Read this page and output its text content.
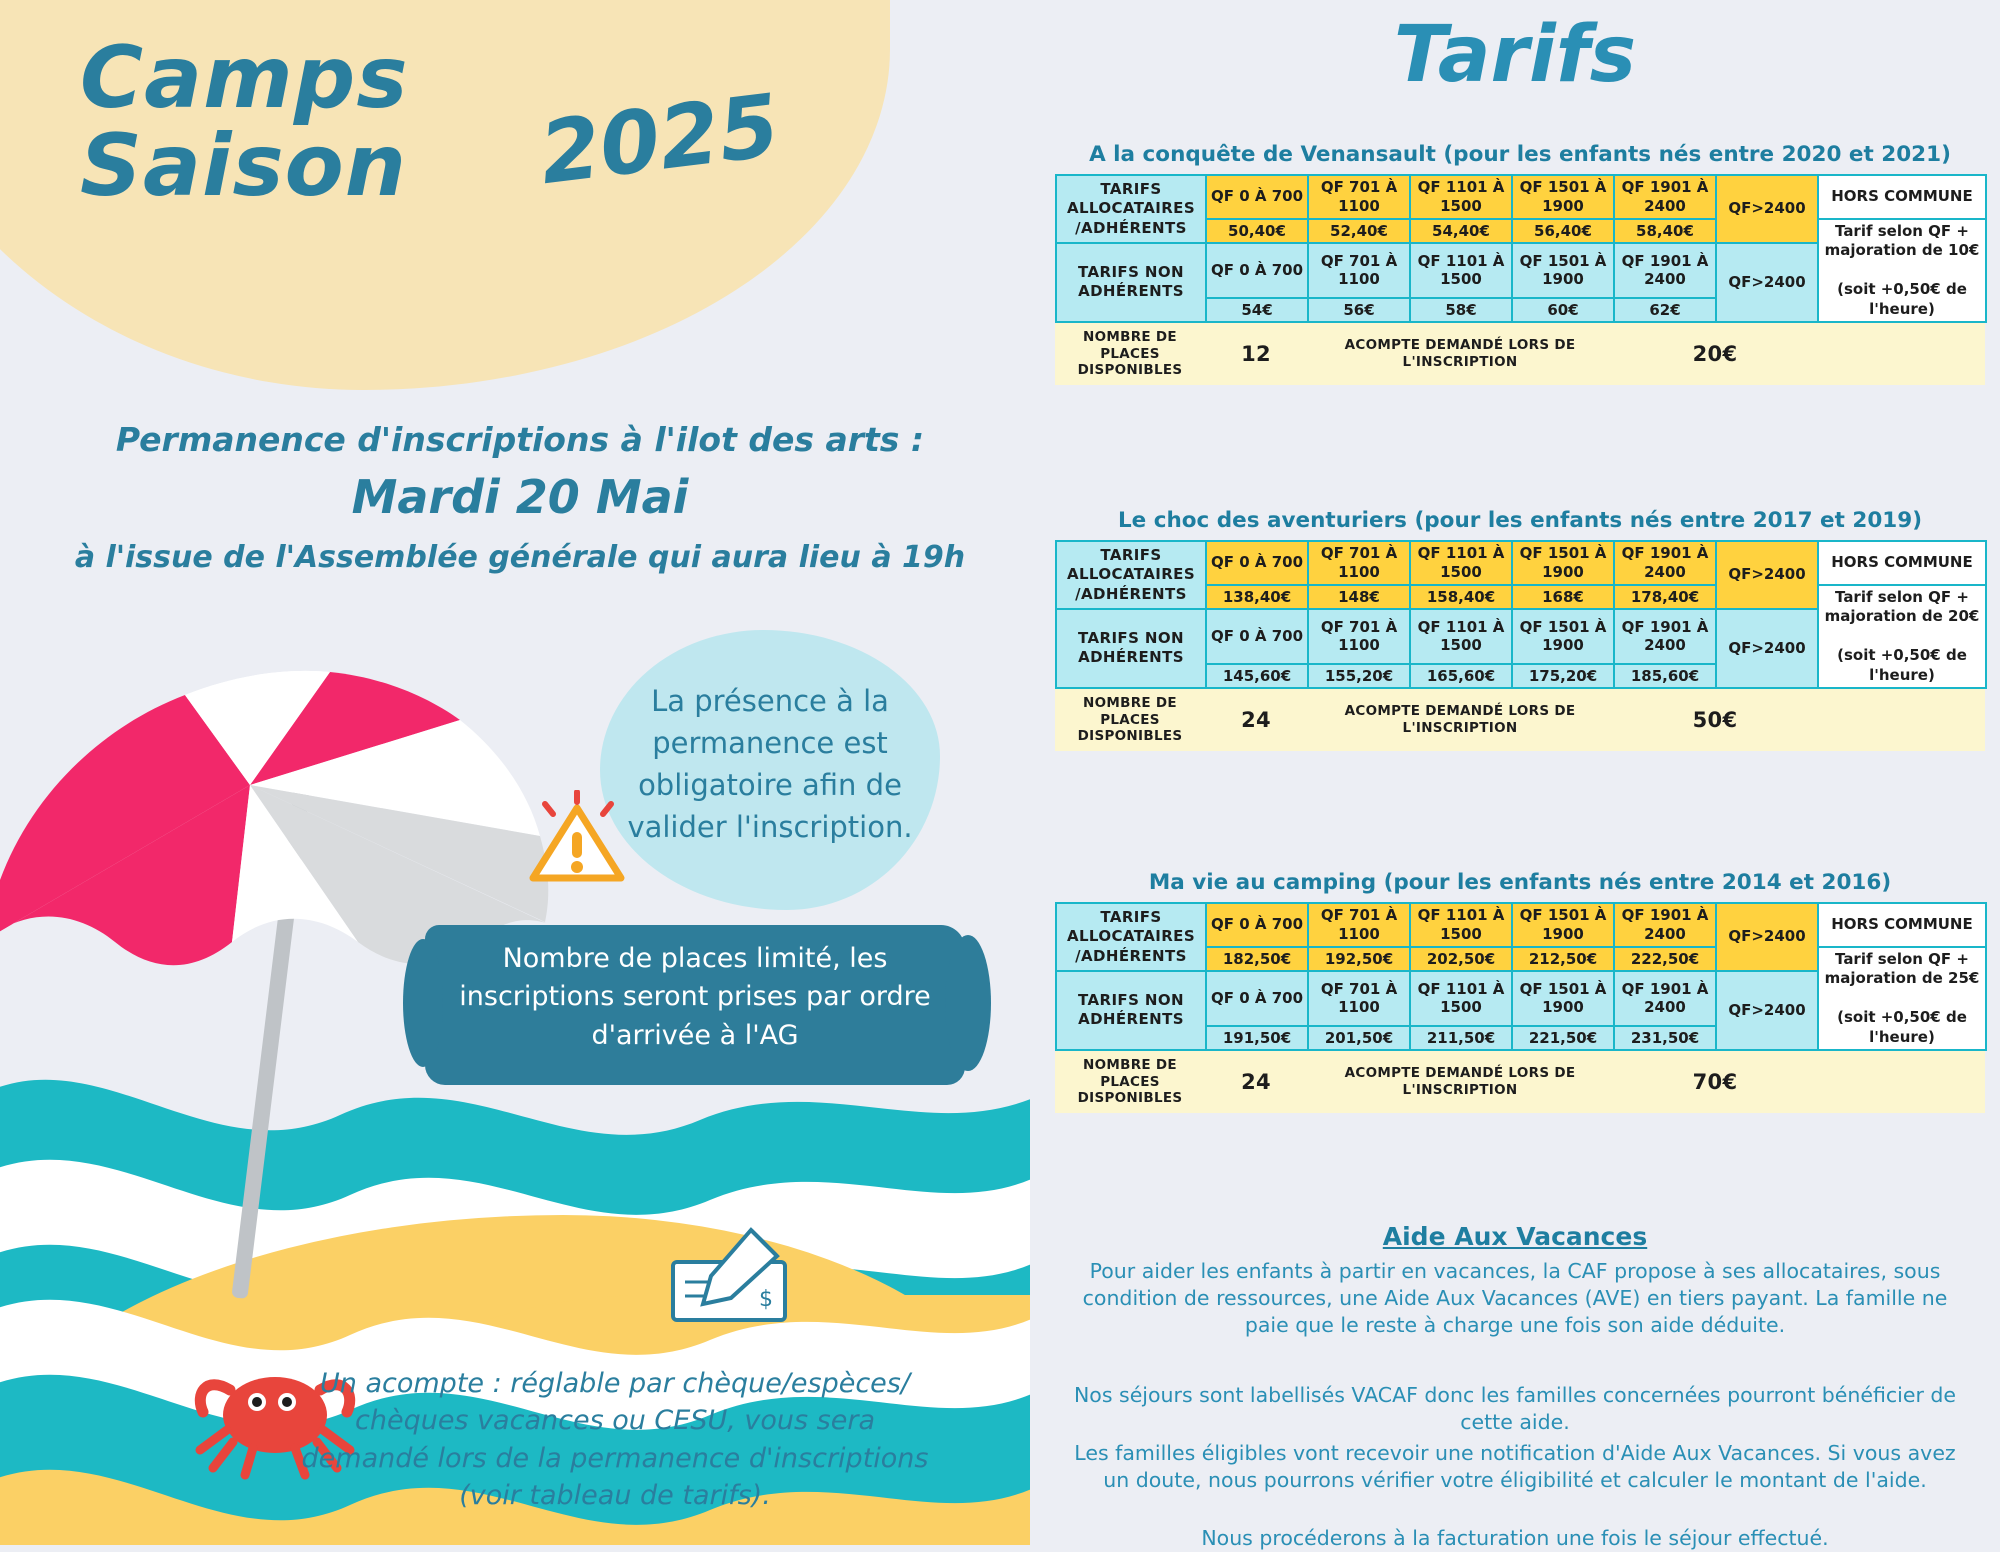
$
Camps
Saison	2025
Permanence d'inscriptions à l'ilot des arts :
Mardi 20 Mai
à l'issue de l'Assemblée générale qui aura lieu à 19h
La présence à la permanence est obligatoire afin de valider l'inscription.
Nombre de places limité, les inscriptions seront prises par ordre d'arrivée à l'AG
Un acompte : réglable par chèque/espèces/ chèques vacances ou CESU, vous sera demandé lors de la permanence d'inscriptions (voir tableau de tarifs).
Tarifs
A la conquête de Venansault (pour les enfants nés entre 2020 et 2021)
TARIFS ALLOCATAIRES /ADHÉRENTS	QF 0 À 700	QF 701 À 1100	QF 1101 À 1500	QF 1501 À 1900	QF 1901 À 2400	QF>2400	HORS COMMUNE
	50,40€	52,40€	54,40€	56,40€	58,40€		Tarif selon QF + majoration de 10€

(soit +0,50€ de l'heure)
TARIFS NON ADHÉRENTS	QF 0 À 700	QF 701 À 1100	QF 1101 À 1500	QF 1501 À 1900	QF 1901 À 2400	QF>2400	
	54€	56€	58€	60€	62€		
NOMBRE DE PLACES DISPONIBLES	12	ACOMPTE DEMANDÉ LORS DE L'INSCRIPTION	20€	
Le choc des aventuriers (pour les enfants nés entre 2017 et 2019)
TARIFS ALLOCATAIRES /ADHÉRENTS	QF 0 À 700	QF 701 À 1100	QF 1101 À 1500	QF 1501 À 1900	QF 1901 À 2400	QF>2400	HORS COMMUNE
	138,40€	148€	158,40€	168€	178,40€		Tarif selon QF + majoration de 20€

(soit +0,50€ de l'heure)
TARIFS NON ADHÉRENTS	QF 0 À 700	QF 701 À 1100	QF 1101 À 1500	QF 1501 À 1900	QF 1901 À 2400	QF>2400	
	145,60€	155,20€	165,60€	175,20€	185,60€		
NOMBRE DE PLACES DISPONIBLES	24	ACOMPTE DEMANDÉ LORS DE L'INSCRIPTION	50€	
Ma vie au camping (pour les enfants nés entre 2014 et 2016)
TARIFS ALLOCATAIRES /ADHÉRENTS	QF 0 À 700	QF 701 À 1100	QF 1101 À 1500	QF 1501 À 1900	QF 1901 À 2400	QF>2400	HORS COMMUNE
	182,50€	192,50€	202,50€	212,50€	222,50€		Tarif selon QF + majoration de 25€

(soit +0,50€ de l'heure)
TARIFS NON ADHÉRENTS	QF 0 À 700	QF 701 À 1100	QF 1101 À 1500	QF 1501 À 1900	QF 1901 À 2400	QF>2400	
	191,50€	201,50€	211,50€	221,50€	231,50€		
NOMBRE DE PLACES DISPONIBLES	24	ACOMPTE DEMANDÉ LORS DE L'INSCRIPTION	70€	
Aide Aux Vacances
Pour aider les enfants à partir en vacances, la CAF propose à ses allocataires, sous condition de ressources, une Aide Aux Vacances (AVE) en tiers payant. La famille ne paie que le reste à charge une fois son aide déduite.
Nos séjours sont labellisés VACAF donc les familles concernées pourront bénéficier de cette aide.
Les familles éligibles vont recevoir une notification d'Aide Aux Vacances. Si vous avez un doute, nous pourrons vérifier votre éligibilité et calculer le montant de l'aide.
Nous procéderons à la facturation une fois le séjour effectué.
